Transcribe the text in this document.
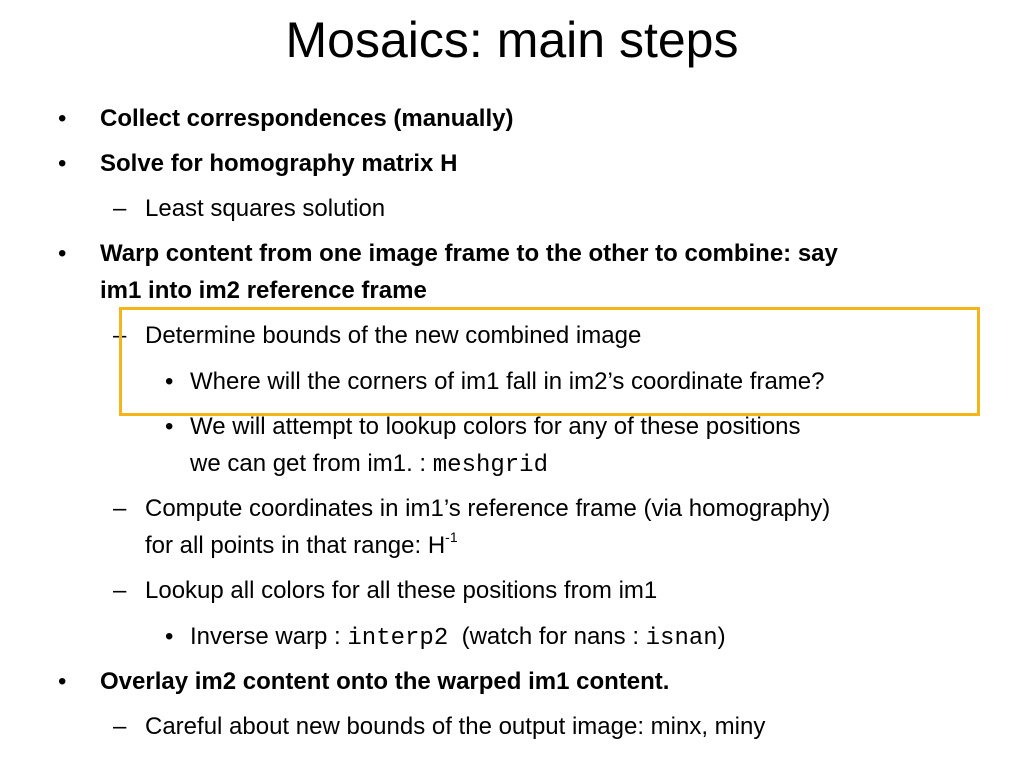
Mosaics: main steps
• Collect correspondences (manually)
• Solve for homography matrix H
– Least squares solution
• Warp content from one image frame to the other to combine: say
im1 into im2 reference frame
– Determine bounds of the new combined image
• Where will the corners of im1 fall in im2’s coordinate frame?
• We will attempt to lookup colors for any of these positions
we can get from im1. : meshgrid
– Compute coordinates in im1’s reference frame (via homography)
for all points in that range: $H^{-1}$
– Lookup all colors for all these positions from im1
• Inverse warp : interp2  (watch for nans : isnan)
• Overlay im2 content onto the warped im1 content.
– Careful about new bounds of the output image: minx, miny
